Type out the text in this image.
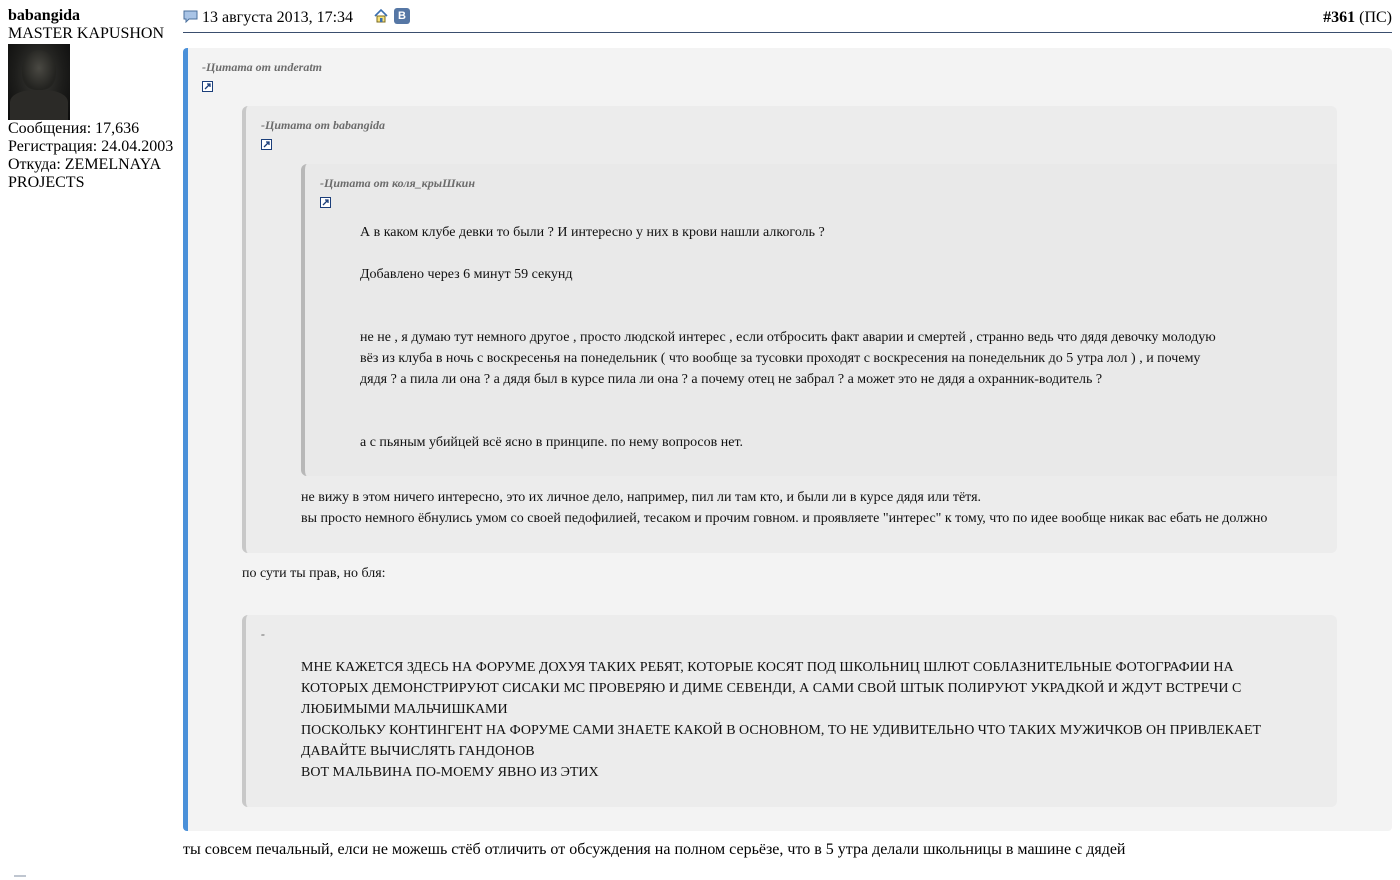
babangida
MASTER KAPUSHON
Сообщения: 17,636
Регистрация: 24.04.2003
Откуда: ZEMELNAYA PROJECTS
13 августа 2013, 17:34	B	#361 (ПС)
-Цитата от underatm
-Цитата от babangida
-Цитата от коля_крыШкин
А в каком клубе девки то были ? И интересно у них в крови нашли алкоголь ?
Добавлено через 6 минут 59 секунд
не не , я думаю тут немного другое , просто людской интерес , если отбросить факт аварии и смертей , странно ведь что дядя девочку молодую
вёз из клуба в ночь с воскресенья на понедельник ( что вообще за тусовки проходят с воскресения на понедельник до 5 утра лол ) , и почему
дядя ? а пила ли она ? а дядя был в курсе пила ли она ? а почему отец не забрал ? а может это не дядя а охранник-водитель ?
а с пьяным убийцей всё ясно в принципе. по нему вопросов нет.
не вижу в этом ничего интересно, это их личное дело, например, пил ли там кто, и были ли в курсе дядя или тётя.
вы просто немного ёбнулись умом со своей педофилией, тесаком и прочим говном. и проявляете "интерес" к тому, что по идее вообще никак вас ебать не должно
по сути ты прав, но бля:
-
МНЕ КАЖЕТСЯ ЗДЕСЬ НА ФОРУМЕ ДОХУЯ ТАКИХ РЕБЯТ, КОТОРЫЕ КОСЯТ ПОД ШКОЛЬНИЦ ШЛЮТ СОБЛАЗНИТЕЛЬНЫЕ ФОТОГРАФИИ НА КОТОРЫХ ДЕМОНСТРИРУЮТ СИСАКИ МС ПРОВЕРЯЮ И ДИМЕ СЕВЕНДИ, А САМИ СВОЙ ШТЫК ПОЛИРУЮТ УКРАДКОЙ И ЖДУТ ВСТРЕЧИ С ЛЮБИМЫМИ МАЛЬЧИШКАМИ
ПОСКОЛЬКУ КОНТИНГЕНТ НА ФОРУМЕ САМИ ЗНАЕТЕ КАКОЙ В ОСНОВНОМ, ТО НЕ УДИВИТЕЛЬНО ЧТО ТАКИХ МУЖИЧКОВ ОН ПРИВЛЕКАЕТ
ДАВАЙТЕ ВЫЧИСЛЯТЬ ГАНДОНОВ
ВОТ МАЛЬВИНА ПО-МОЕМУ ЯВНО ИЗ ЭТИХ
ты совсем печальный, елси не можешь стёб отличить от обсуждения на полном серьёзе, что в 5 утра делали школьницы в машине с дядей
